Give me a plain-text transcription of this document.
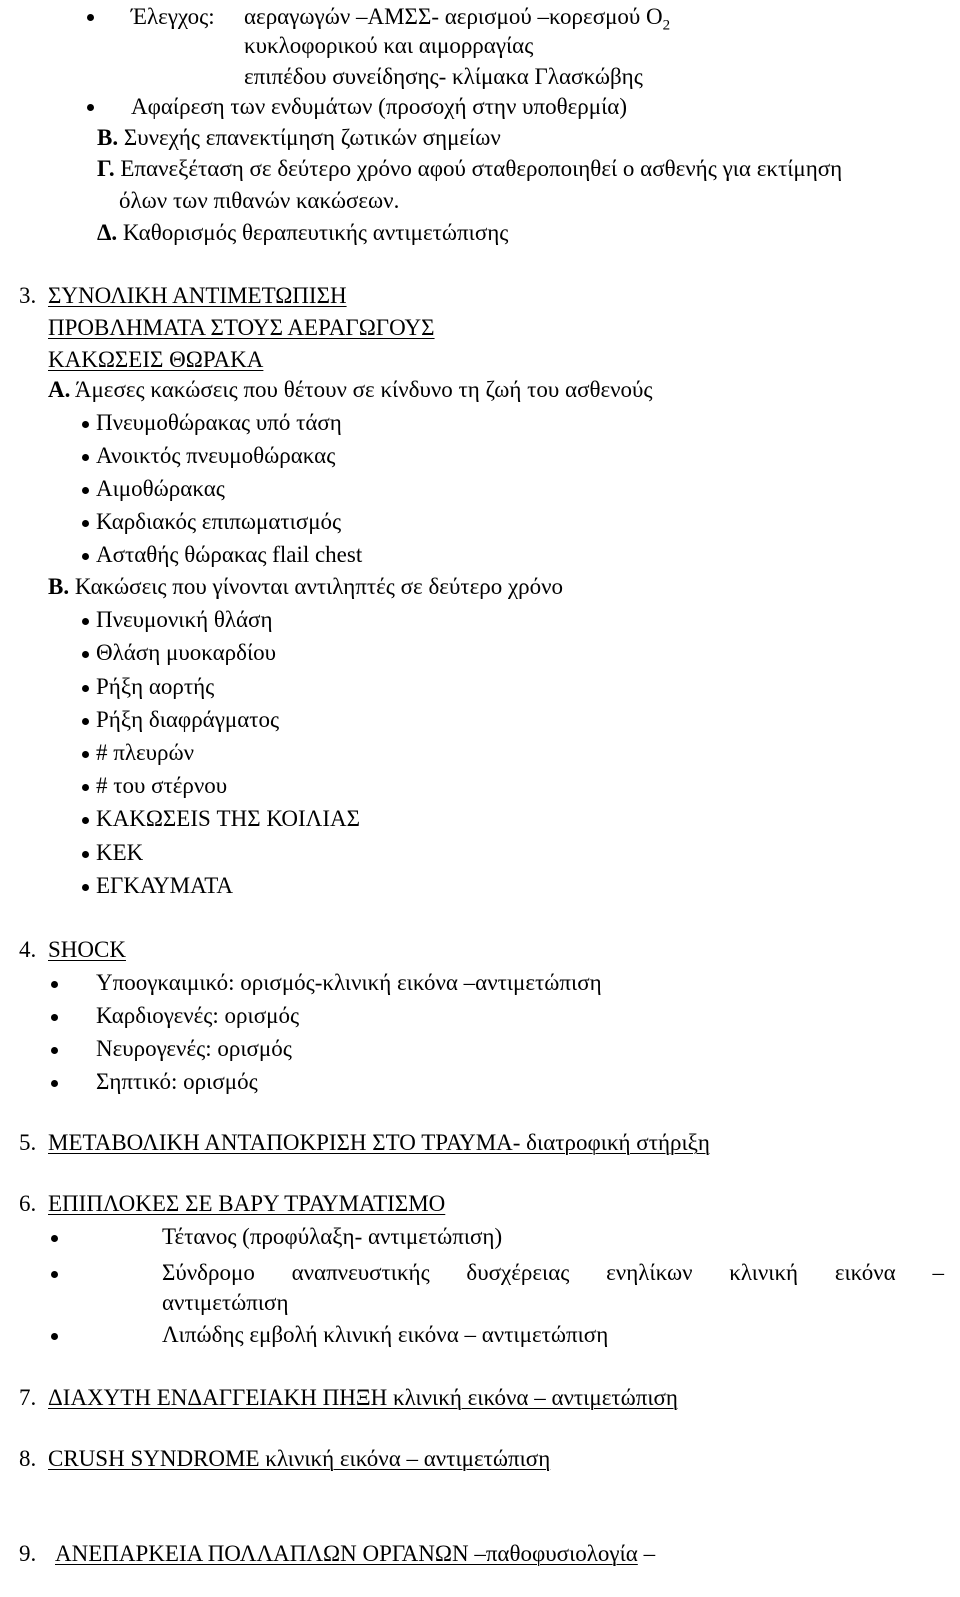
Έλεγχος: αεραγωγών –ΑΜΣΣ- αερισμού –κορεσμού $O_2$
κυκλοφορικού και αιμορραγίας
επιπέδου συνείδησης- κλίμακα Γλασκώβης
Αφαίρεση των ενδυμάτων (προσοχή στην υποθερμία)
Β. Συνεχής επανεκτίμηση ζωτικών σημείων
Γ. Επανεξέταση σε δεύτερο χρόνο αφού σταθεροποιηθεί ο ασθενής για εκτίμηση
όλων των πιθανών κακώσεων.
Δ. Καθορισμός θεραπευτικής αντιμετώπισης
3. ΣΥΝΟΛΙΚΗ ΑΝΤΙΜΕΤΩΠΙΣΗ
ΠΡΟΒΛΗΜΑΤΑ ΣΤΟΥΣ ΑΕΡΑΓΩΓΟΥΣ
ΚΑΚΩΣΕΙΣ ΘΩΡΑΚΑ
Α. Άμεσες κακώσεις που θέτουν σε κίνδυνο τη ζωή του ασθενούς
Πνευμοθώρακας υπό τάση
Ανοικτός πνευμοθώρακας
Αιμοθώρακας
Καρδιακός επιπωματισμός
Ασταθής θώρακας flail chest
Β. Κακώσεις που γίνονται αντιληπτές σε δεύτερο χρόνο
Πνευμονική θλάση
Θλάση μυοκαρδίου
Ρήξη αορτής
Ρήξη διαφράγματος
# πλευρών
# του στέρνου
ΚΑΚΩΣΕΙS ΤΗΣ ΚΟΙΛΙΑΣ
ΚΕΚ
ΕΓΚΑΥΜΑΤΑ
4. SHOCK
Υποογκαιμικό: ορισμός-κλινική εικόνα –αντιμετώπιση
Καρδιογενές: ορισμός
Νευρογενές: ορισμός
Σηπτικό: ορισμός
5. ΜΕΤΑΒΟΛΙΚΗ ΑΝΤΑΠΟΚΡΙΣΗ ΣΤΟ ΤΡΑΥΜΑ- διατροφική στήριξη
6. ΕΠΙΠΛΟΚΕΣ ΣΕ ΒΑΡΥ ΤΡΑΥΜΑΤΙΣΜΟ
Τέτανος (προφύλαξη- αντιμετώπιση)
Σύνδρομο αναπνευστικής δυσχέρειας ενηλίκων κλινική εικόνα –
αντιμετώπιση
Λιπώδης εμβολή κλινική εικόνα – αντιμετώπιση
7. ΔΙΑΧΥΤΗ ΕΝΔΑΓΓΕΙΑΚΗ ΠΗΞΗ κλινική εικόνα – αντιμετώπιση
8. CRUSH SYNDROME κλινική εικόνα – αντιμετώπιση
9. ΑΝΕΠΑΡΚΕΙΑ ΠΟΛΛΑΠΛΩΝ ΟΡΓΑΝΩΝ –παθοφυσιολογία –
